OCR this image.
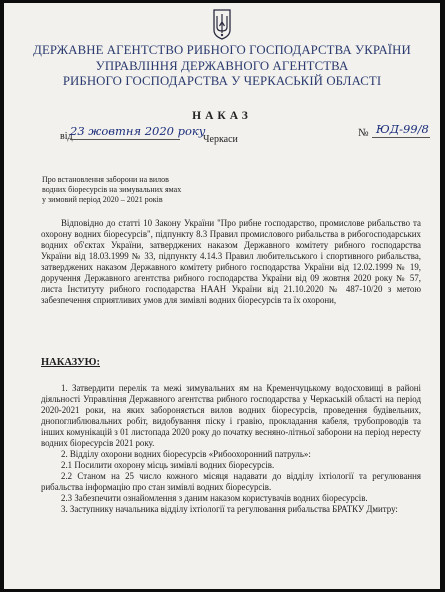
ДЕРЖАВНЕ АГЕНТСТВО РИБНОГО ГОСПОДАРСТВА УКРАЇНИ
УПРАВЛІННЯ ДЕРЖАВНОГО АГЕНТСТВА
РИБНОГО ГОСПОДАРСТВА У ЧЕРКАСЬКІЙ ОБЛАСТІ
НАКАЗ
від
23 жовтня 2020 року
Черкаси
№ ЮД-99/8
Про встановлення заборони на вилов
водних біоресурсів на зимувальних ямах
у зимовий період 2020 – 2021 років

Відповідно до статті 10 Закону України "Про рибне господарство, промислове рибальство та охорону водних біоресурсів", підпункту 8.3 Правил промислового рибальства в рибогосподарських водних об'єктах України, затверджених наказом Державного комітету рибного господарства України від 18.03.1999 № 33, підпункту 4.14.3 Правил любительського і спортивного рибальства, затверджених наказом Державного комітету рибного господарства України від 12.02.1999 № 19, доручення Державного агентства рибного господарства України від 09 жовтня 2020 року № 57, листа Інституту рибного господарства НААН України від 21.10.2020 № 487-10/20 з метою забезпечення сприятливих умов для зимівлі водних біоресурсів та їх охорони,

НАКАЗУЮ:

1. Затвердити перелік та межі зимувальних ям на Кременчуцькому водосховищі в районі діяльності Управління Державного агентства рибного господарства у Черкаській області на період 2020-2021 роки, на яких забороняється вилов водних біоресурсів, проведення будівельних, днопоглиблювальних робіт, видобування піску і гравію, прокладання кабеля, трубопроводів та інших комунікацій з 01 листопада 2020 року до початку весняно-літньої заборони на період нересту водних біоресурсів 2021 року.

2. Відділу охорони водних біоресурсів «Рибоохоронний патруль»:

2.1 Посилити охорону місць зимівлі водних біоресурсів.

2.2 Станом на 25 число кожного місяця надавати до відділу іхтіології та регулювання рибальства інформацію про стан зимівлі водних біоресурсів.

2.3 Забезпечити ознайомлення з даним наказом користувачів водних біоресурсів.

3. Заступнику начальника відділу іхтіології та регулювання рибальства БРАТКУ Дмитру:
